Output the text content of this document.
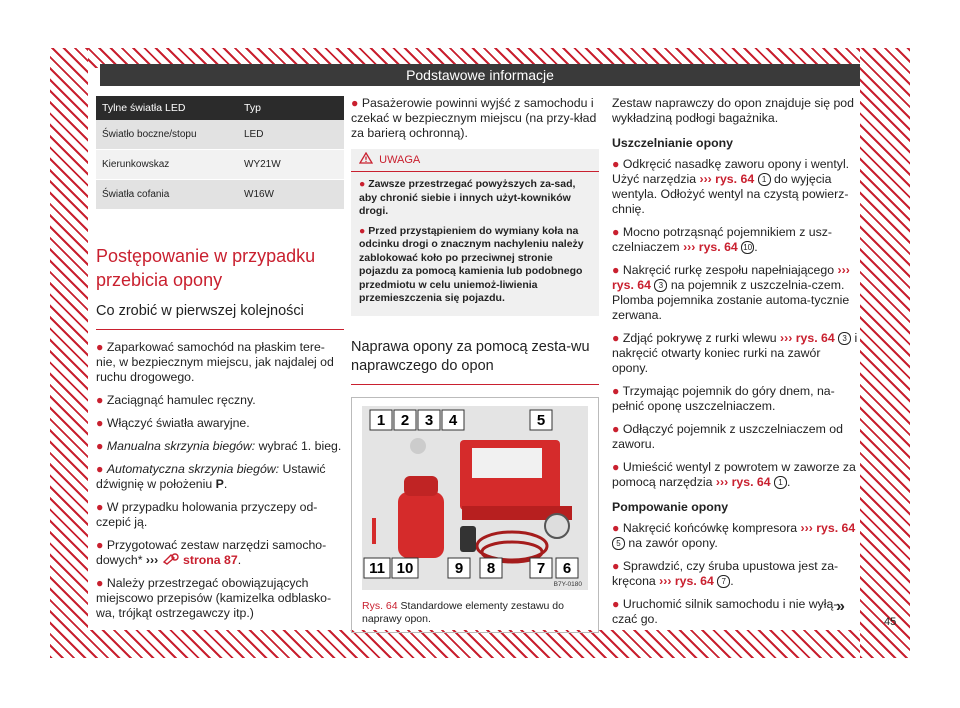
Podstawowe informacje
Tylne światła LED	Typ
Światło boczne/stopu	LED
Kierunkowskaz	WY21W
Światła cofania	W16W
Postępowanie w przypadku przebicia opony
Co zrobić w pierwszej kolejności

● Zaparkować samochód na płaskim tere-nie, w bezpiecznym miejscu, jak najdalej od ruchu drogowego.

● Zaciągnąć hamulec ręczny.

● Włączyć światła awaryjne.

● Manualna skrzynia biegów: wybrać 1. bieg.

● Automatyczna skrzynia biegów: Ustawić dźwignię w położeniu P.

● W przypadku holowania przyczepy od-czepić ją.

● Przygotować zestaw narzędzi samocho-dowych* ›››  strona 87.

● Należy przestrzegać obowiązujących miejscowo przepisów (kamizelka odblasko-wa, trójkąt ostrzegawczy itp.)

● Pasażerowie powinni wyjść z samochodu i czekać w bezpiecznym miejscu (na przy-kład za barierą ochronną).

UWAGA

● Zawsze przestrzegać powyższych za-sad, aby chronić siebie i innych użyt-kowników drogi.

● Przed przystąpieniem do wymiany koła na odcinku drogi o znacznym nachyleniu należy zablokować koło po przeciwnej stronie pojazdu za pomocą kamienia lub podobnego przedmiotu w celu uniemoż-liwienia przemieszczenia się pojazdu.

Naprawa opony za pomocą zesta-wu naprawczego do opon
1 2 3 4	5
11 10	9 8	7 6
B7Y-0180
Rys. 64 Standardowe elementy zestawu do naprawy opon.

Zestaw naprawczy do opon znajduje się pod wykładziną podłogi bagażnika.

Uszczelnianie opony

● Odkręcić nasadkę zaworu opony i wentyl. Użyć narzędzia ››› rys. 64 1 do wyjęcia wentyla. Odłożyć wentyl na czystą powierz-chnię.

● Mocno potrząsnąć pojemnikiem z usz-czelniaczem ››› rys. 64 10 .

● Nakręcić rurkę zespołu napełniającego ››› rys. 64 3 na pojemnik z uszczelnia-czem. Plomba pojemnika zostanie automa-tycznie zerwana.

● Zdjąć pokrywę z rurki wlewu ››› rys. 64 3 i nakręcić otwarty koniec rurki na zawór opony.

● Trzymając pojemnik do góry dnem, na-pełnić oponę uszczelniaczem.

● Odłączyć pojemnik z uszczelniaczem od zaworu.

● Umieścić wentyl z powrotem w zaworze za pomocą narzędzia ››› rys. 64 1 .

Pompowanie opony

● Nakręcić końcówkę kompresora ››› rys. 64 5 na zawór opony.

● Sprawdzić, czy śruba upustowa jest za-kręcona ››› rys. 64 7 .

● Uruchomić silnik samochodu i nie wyłą-czać go.

»
45
